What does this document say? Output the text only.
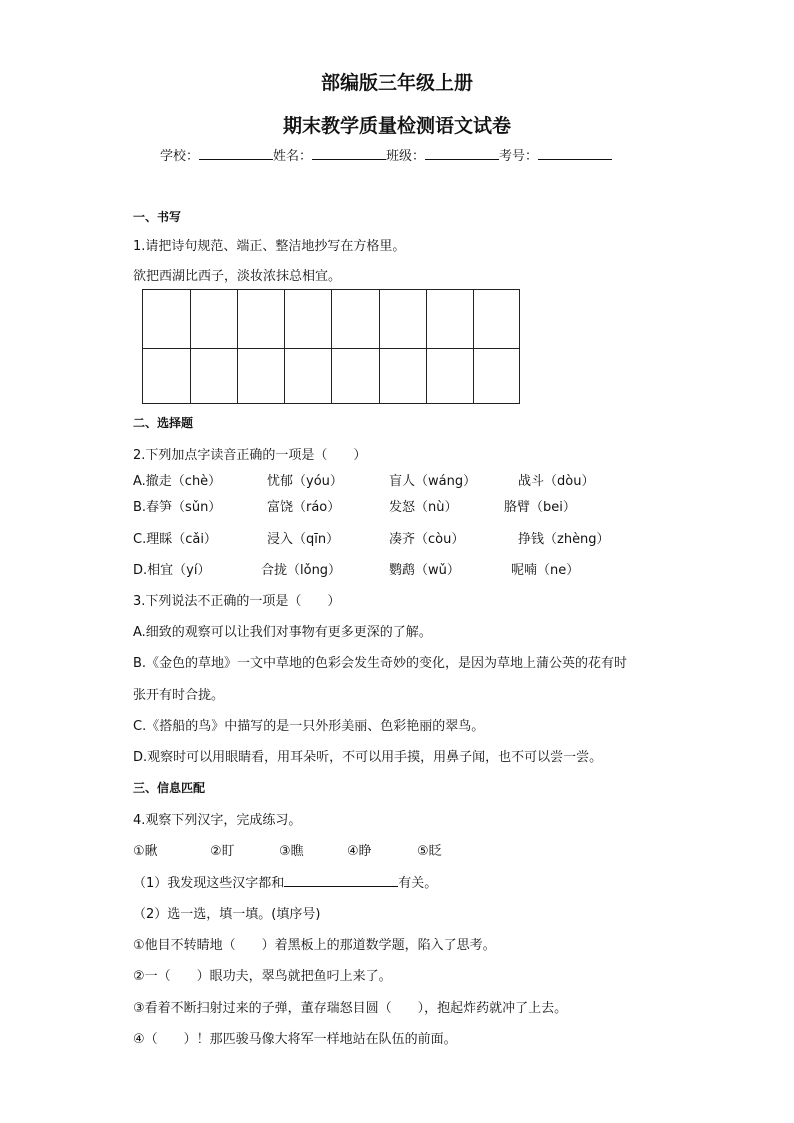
部编版三年级上册
期末教学质量检测语文试卷
学校：	姓名：	班级：	考号：
一、书写
1.请把诗句规范、端正、整洁地抄写在方格里。
欲把西湖比西子，淡妆浓抹总相宜。
二、选择题
2.下列加点字读音正确的一项是（　　）
A.撤走（chè）	忧郁（yóu）	盲人（wáng）	战斗（dòu）
B.春笋（sǔn）	富饶（ráo）	发怒（nù）	胳臂（bei）
C.理睬（cǎi）	浸入（qīn）	凑齐（còu）	挣钱（zhèng）
D.相宜（yí）	合拢（lǒng）	鹦鹉（wǔ）	呢喃（ne）
3.下列说法不正确的一项是（　　）
A.细致的观察可以让我们对事物有更多更深的了解。
B.《金色的草地》一文中草地的色彩会发生奇妙的变化，是因为草地上蒲公英的花有时
张开有时合拢。
C.《搭船的鸟》中描写的是一只外形美丽、色彩艳丽的翠鸟。
D.观察时可以用眼睛看，用耳朵听，不可以用手摸，用鼻子闻，也不可以尝一尝。
三、信息匹配
4.观察下列汉字，完成练习。
①瞅	②盯	③瞧	④睁	⑤眨
（1）我发现这些汉字都和	有关。
（2）选一选，填一填。(填序号)
①他目不转睛地（　　）着黑板上的那道数学题，陷入了思考。
②一（　　）眼功夫，翠鸟就把鱼叼上来了。
③看着不断扫射过来的子弹，董存瑞怒目圆（　　），抱起炸药就冲了上去。
④（　　）！那匹骏马像大将军一样地站在队伍的前面。
